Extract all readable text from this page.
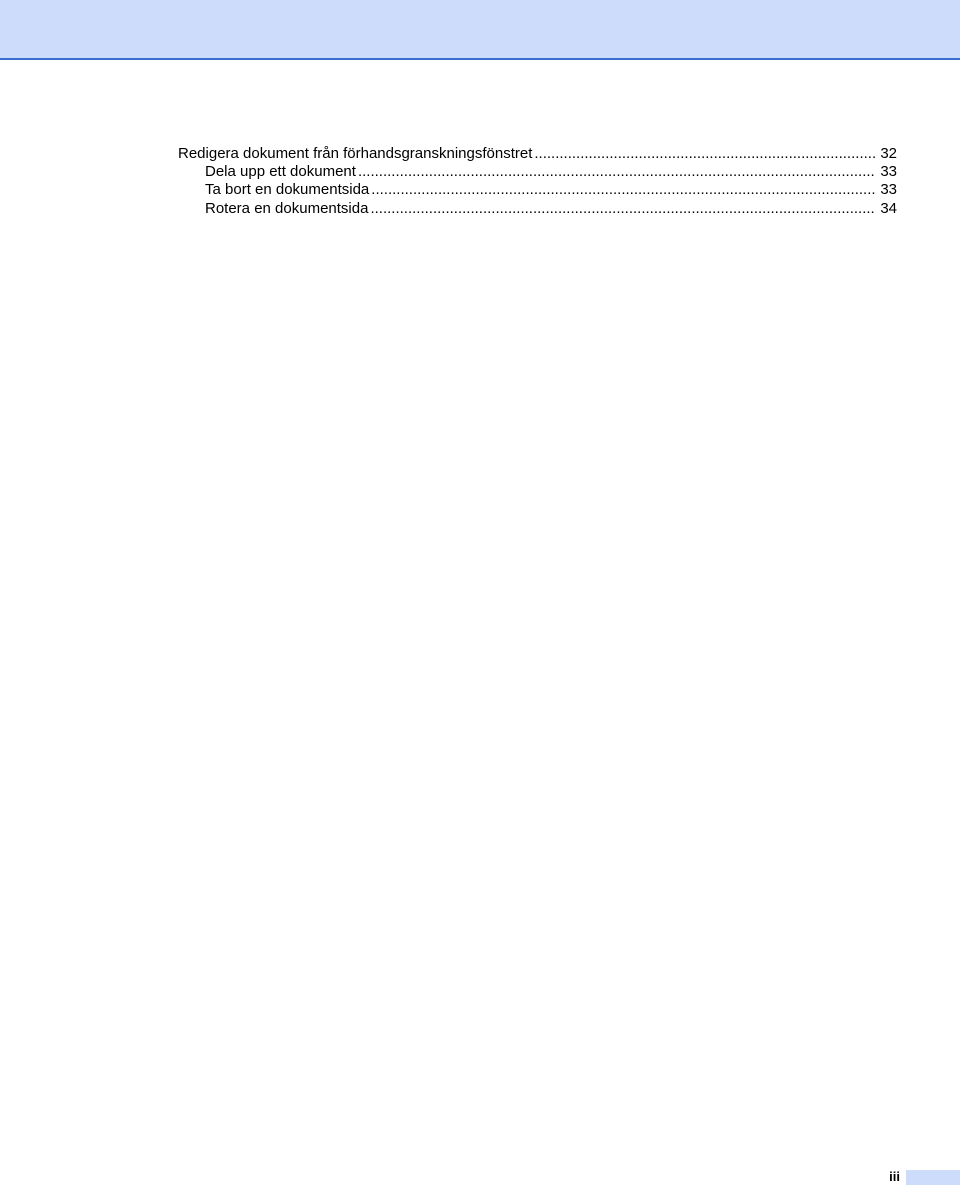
Redigera dokument från förhandsgranskningsfönstret .....	32
Dela upp ett dokument .....	33
Ta bort en dokumentsida .....	33
Rotera en dokumentsida .....	34
iii
